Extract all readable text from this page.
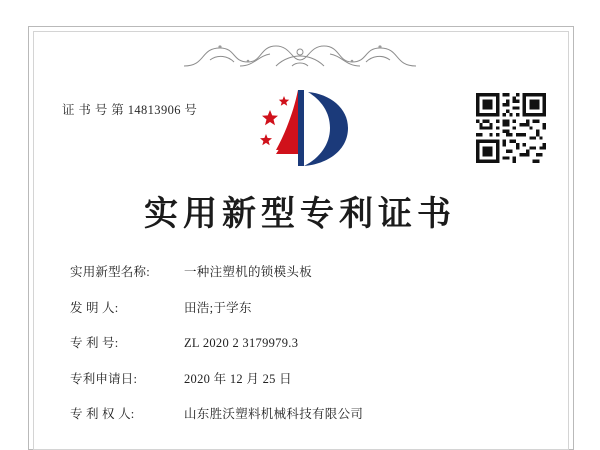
证 书 号 第 14813906 号
实用新型专利证书
实用新型名称:	一种注塑机的锁模头板
发 明 人:	田浩;于学东
专 利 号:	ZL 2020 2 3179979.3
专利申请日:	2020 年 12 月 25 日
专 利 权 人:	山东胜沃塑料机械科技有限公司
